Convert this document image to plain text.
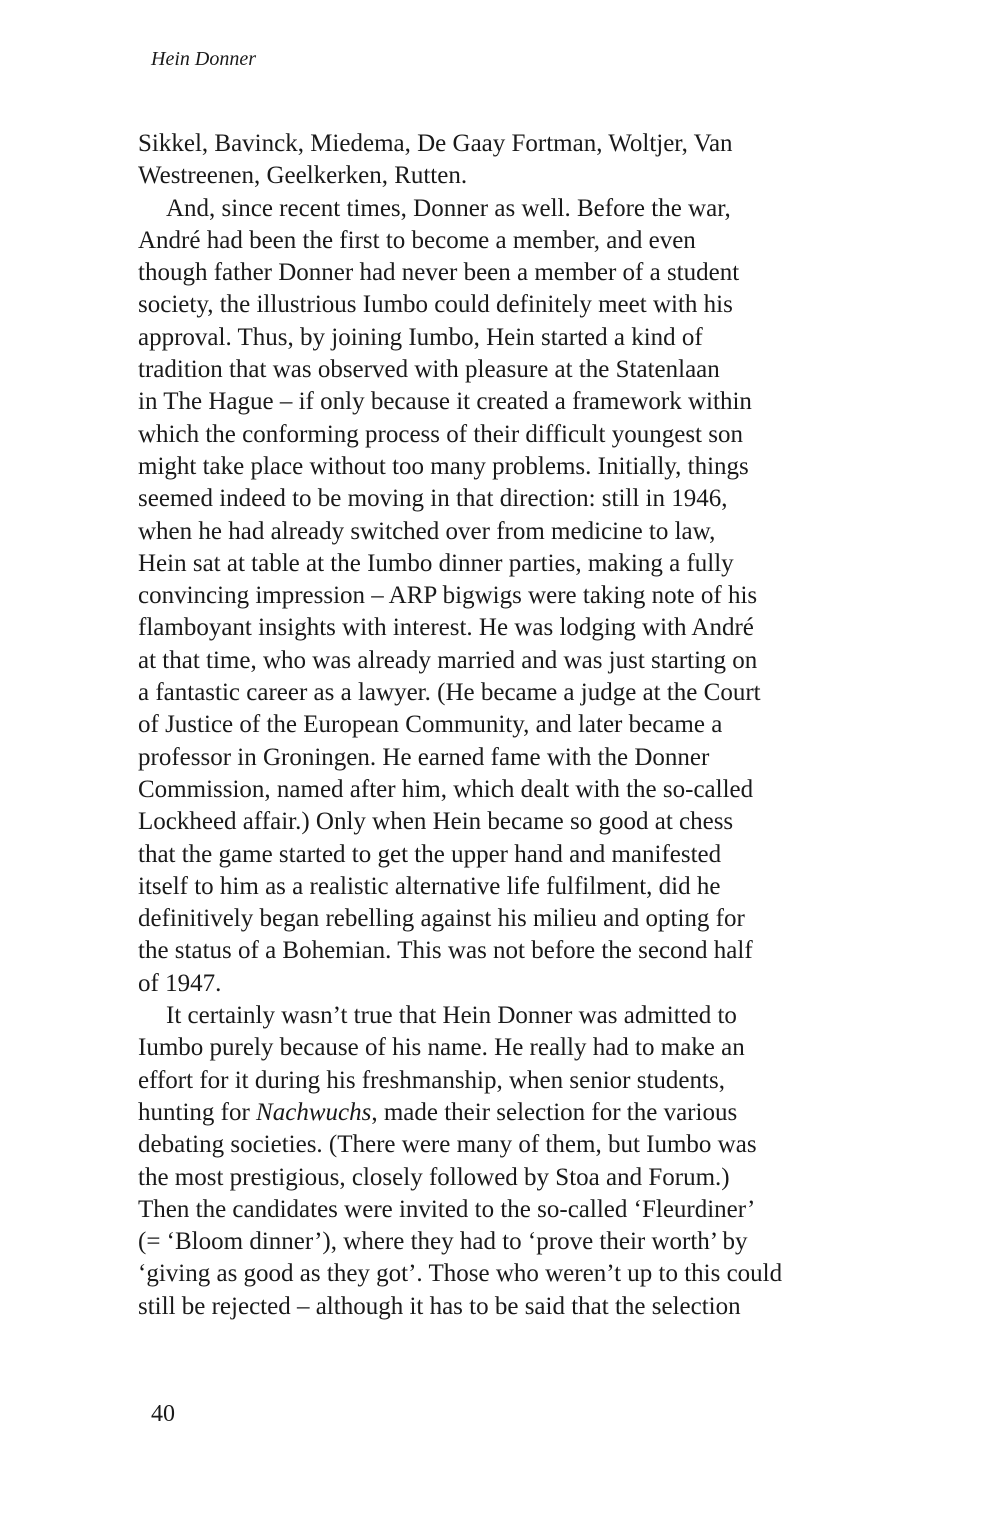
Hein Donner

Sikkel, Bavinck, Miedema, De Gaay Fortman, Woltjer, Van
Westreenen, Geelkerken, Rutten.
And, since recent times, Donner as well. Before the war,
André had been the first to become a member, and even
though father Donner had never been a member of a student
society, the illustrious Iumbo could definitely meet with his
approval. Thus, by joining Iumbo, Hein started a kind of
tradition that was observed with pleasure at the Statenlaan
in The Hague – if only because it created a framework within
which the conforming process of their difficult youngest son
might take place without too many problems. Initially, things
seemed indeed to be moving in that direction: still in 1946,
when he had already switched over from medicine to law,
Hein sat at table at the Iumbo dinner parties, making a fully
convincing impression – ARP bigwigs were taking note of his
flamboyant insights with interest. He was lodging with André
at that time, who was already married and was just starting on
a fantastic career as a lawyer. (He became a judge at the Court
of Justice of the European Community, and later became a
professor in Groningen. He earned fame with the Donner
Commission, named after him, which dealt with the so-called
Lockheed affair.) Only when Hein became so good at chess
that the game started to get the upper hand and manifested
itself to him as a realistic alternative life fulfilment, did he
definitively began rebelling against his milieu and opting for
the status of a Bohemian. This was not before the second half
of 1947.
It certainly wasn’t true that Hein Donner was admitted to
Iumbo purely because of his name. He really had to make an
effort for it during his freshmanship, when senior students,
hunting for Nachwuchs, made their selection for the various
debating societies. (There were many of them, but Iumbo was
the most prestigious, closely followed by Stoa and Forum.)
Then the candidates were invited to the so-called ‘Fleurdiner’
(= ‘Bloom dinner’), where they had to ‘prove their worth’ by
‘giving as good as they got’. Those who weren’t up to this could
still be rejected – although it has to be said that the selection

40
